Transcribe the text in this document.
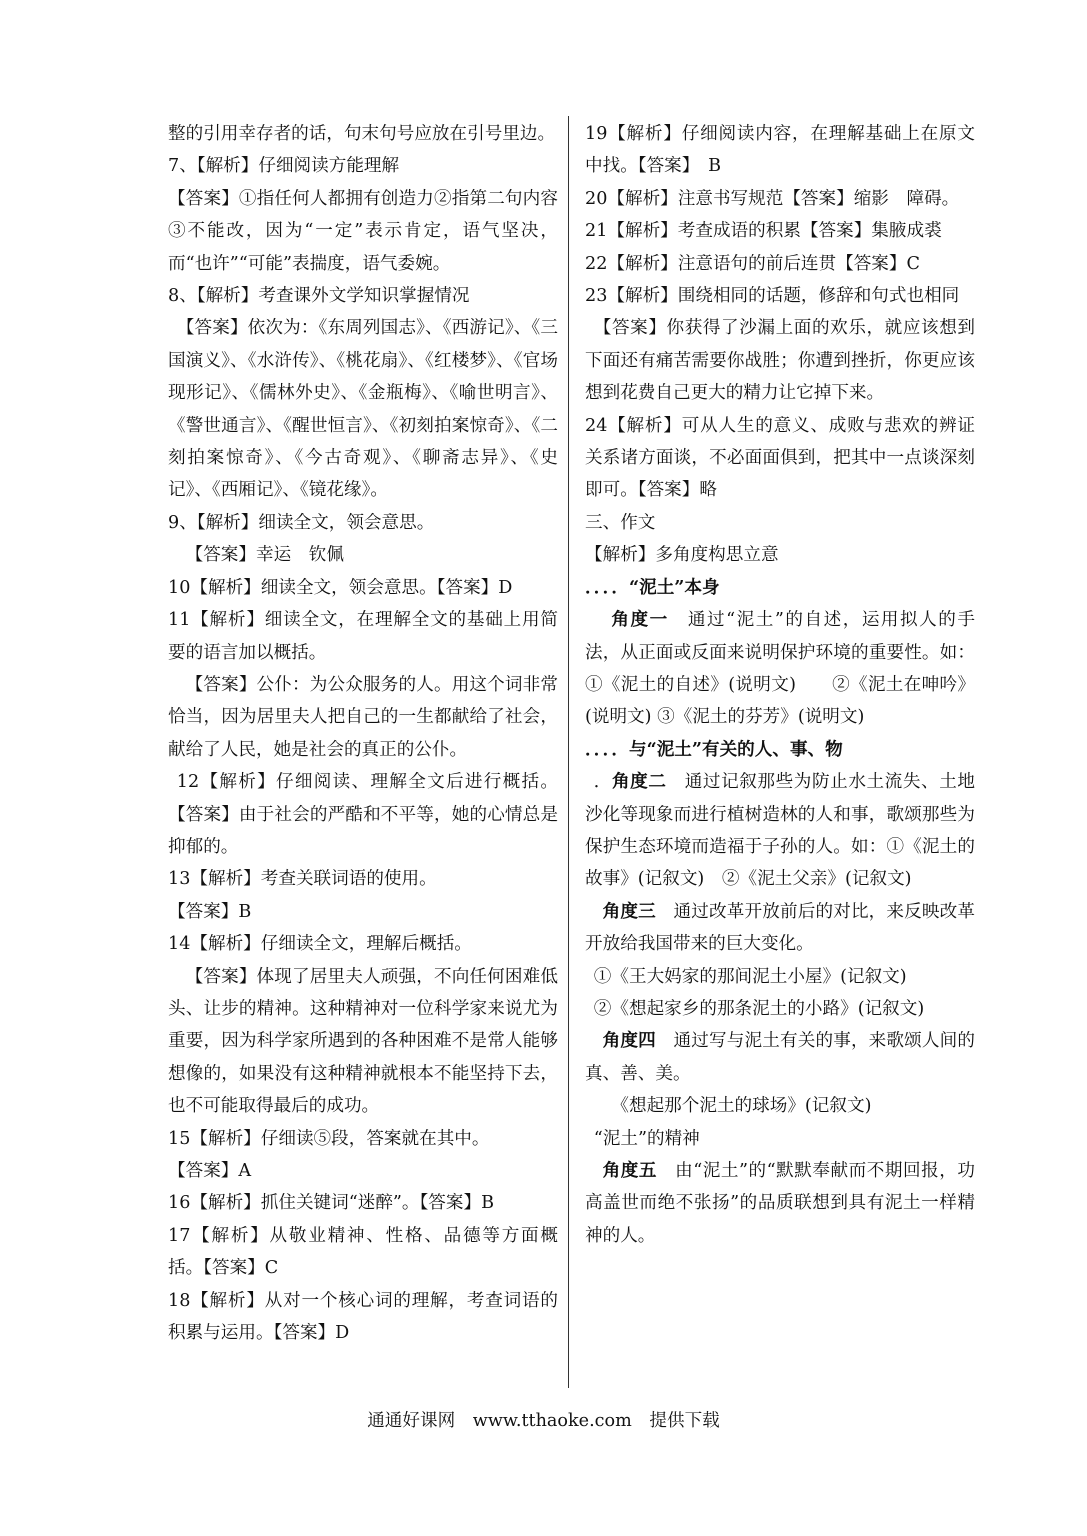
整的引用幸存者的话，句末句号应放在引号里边。

7、【解析】仔细阅读方能理解

【答案】①指任何人都拥有创造力②指第二句内容③不能改，因为“一定”表示肯定，语气坚决，而“也许”“可能”表揣度，语气委婉。

8、【解析】考查课外文学知识掌握情况

【答案】依次为：《东周列国志》、《西游记》、《三国演义》、《水浒传》、《桃花扇》、《红楼梦》、《官场现形记》、《儒林外史》、《金瓶梅》、《喻世明言》、《警世通言》、《醒世恒言》、《初刻拍案惊奇》、《二刻拍案惊奇》、《今古奇观》、《聊斋志异》、《史记》、《西厢记》、《镜花缘》。

9、【解析】细读全文，领会意思。

【答案】幸运　钦佩

10【解析】细读全文，领会意思。【答案】D

11【解析】细读全文，在理解全文的基础上用简要的语言加以概括。

【答案】公仆：为公众服务的人。用这个词非常恰当，因为居里夫人把自己的一生都献给了社会，献给了人民，她是社会的真正的公仆。

12【解析】仔细阅读、理解全文后进行概括。【答案】由于社会的严酷和不平等，她的心情总是抑郁的。

13【解析】考查关联词语的使用。

【答案】B

14【解析】仔细读全文，理解后概括。

【答案】体现了居里夫人顽强，不向任何困难低头、让步的精神。这种精神对一位科学家来说尤为重要，因为科学家所遇到的各种困难不是常人能够想像的，如果没有这种精神就根本不能坚持下去，也不可能取得最后的成功。

15【解析】仔细读⑤段，答案就在其中。

【答案】A

16【解析】抓住关键词“迷醉”。【答案】B

17【解析】从敬业精神、性格、品德等方面概括。【答案】C

18【解析】从对一个核心词的理解，考查词语的积累与运用。【答案】D

19【解析】仔细阅读内容，在理解基础上在原文中找。【答案】　B

20【解析】注意书写规范【答案】缩影　障碍。

21【解析】考查成语的积累【答案】集腋成裘

22【解析】注意语句的前后连贯【答案】C

23【解析】围绕相同的话题，修辞和句式也相同

【答案】你获得了沙漏上面的欢乐，就应该想到下面还有痛苦需要你战胜；你遭到挫折，你更应该想到花费自己更大的精力让它掉下来。

24【解析】可从人生的意义、成败与悲欢的辨证关系诸方面谈，不必面面俱到，把其中一点谈深刻即可。【答案】略

三、作文

【解析】多角度构思立意

．．．．“泥土”本身

角度一　通过“泥土”的自述，运用拟人的手法，从正面或反面来说明保护环境的重要性。如：①《泥土的自述》(说明文)　　②《泥土在呻吟》(说明文) ③《泥土的芬芳》(说明文)

．．．．与“泥土”有关的人、事、物

．角度二　通过记叙那些为防止水土流失、土地沙化等现象而进行植树造林的人和事，歌颂那些为保护生态环境而造福于子孙的人。如：①《泥土的故事》(记叙文)　②《泥土父亲》(记叙文)

角度三　通过改革开放前后的对比，来反映改革开放给我国带来的巨大变化。

①《王大妈家的那间泥土小屋》(记叙文)

②《想起家乡的那条泥土的小路》(记叙文)

角度四　通过写与泥土有关的事，来歌颂人间的真、善、美。

《想起那个泥土的球场》(记叙文)

“泥土”的精神

角度五　由“泥土”的“默默奉献而不期回报，功高盖世而绝不张扬”的品质联想到具有泥土一样精神的人。

通通好课网　www.tthaoke.com　提供下载
